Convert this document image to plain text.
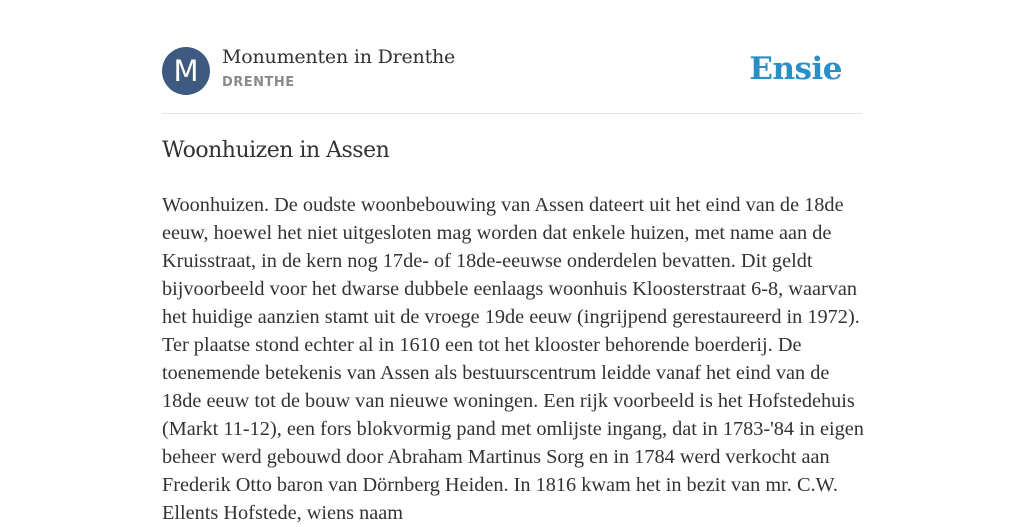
M	Monumenten in Drenthe
DRENTHE	Ensie
Woonhuizen in Assen

Woonhuizen. De oudste woonbebouwing van Assen dateert uit het eind van de 18de eeuw, hoewel het niet uitgesloten mag worden dat enkele huizen, met name aan de Kruisstraat, in de kern nog 17de- of 18de-eeuwse onderdelen bevatten. Dit geldt bijvoorbeeld voor het dwarse dubbele eenlaags woonhuis Kloosterstraat 6-8, waarvan het huidige aanzien stamt uit de vroege 19de eeuw (ingrijpend gerestaureerd in 1972). Ter plaatse stond echter al in 1610 een tot het klooster behorende boerderij. De toenemende betekenis van Assen als bestuurscentrum leidde vanaf het eind van de 18de eeuw tot de bouw van nieuwe woningen. Een rijk voorbeeld is het Hofstedehuis (Markt 11-12), een fors blokvormig pand met omlijste ingang, dat in 1783-'84 in eigen beheer werd gebouwd door Abraham Martinus Sorg en in 1784 werd verkocht aan Frederik Otto baron van Dörnberg Heiden. In 1816 kwam het in bezit van mr. C.W. Ellents Hofstede, wiens naam
